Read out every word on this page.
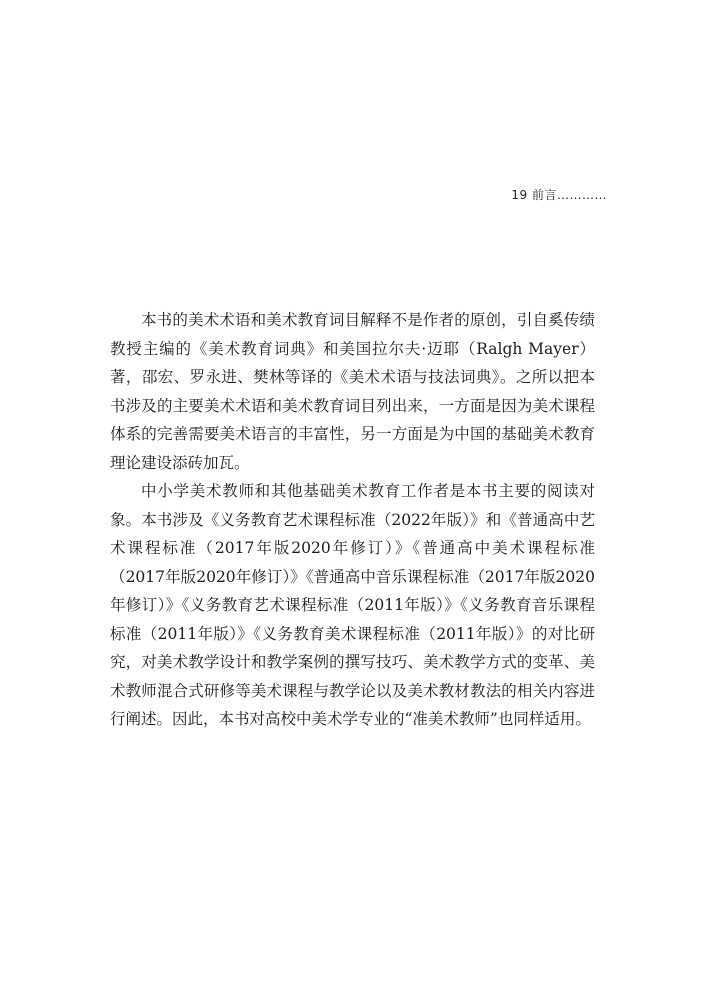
19 前言…………

本书的美术术语和美术教育词目解释不是作者的原创，引自奚传绩教授主编的《美术教育词典》和美国拉尔夫·迈耶（Ralgh Mayer）著，邵宏、罗永进、樊林等译的《美术术语与技法词典》。之所以把本书涉及的主要美术术语和美术教育词目列出来，一方面是因为美术课程体系的完善需要美术语言的丰富性，另一方面是为中国的基础美术教育理论建设添砖加瓦。

中小学美术教师和其他基础美术教育工作者是本书主要的阅读对象。本书涉及《义务教育艺术课程标准（2022年版）》和《普通高中艺术课程标准（2017年版2020年修订）》《普通高中美术课程标准（2017年版2020年修订）》《普通高中音乐课程标准（2017年版2020年修订）》《义务教育艺术课程标准（2011年版）》《义务教育音乐课程标准（2011年版）》《义务教育美术课程标准（2011年版）》的对比研究，对美术教学设计和教学案例的撰写技巧、美术教学方式的变革、美术教师混合式研修等美术课程与教学论以及美术教材教法的相关内容进行阐述。因此，本书对高校中美术学专业的“准美术教师”也同样适用。
